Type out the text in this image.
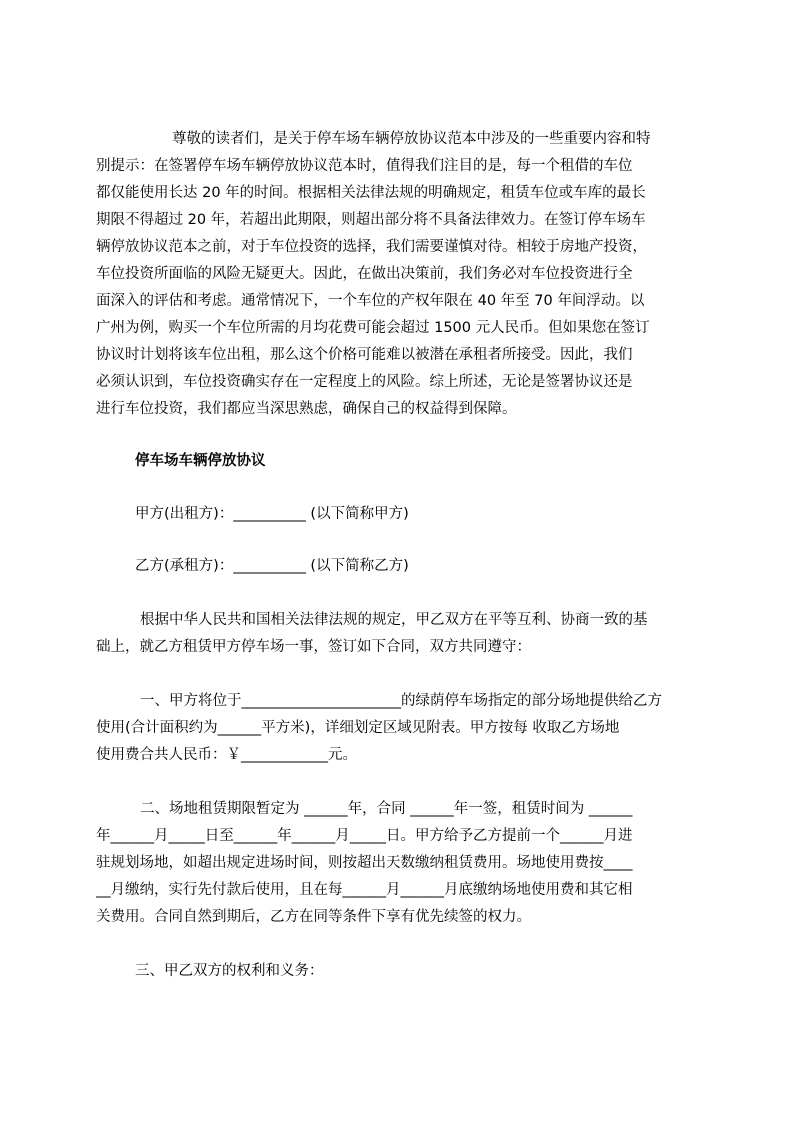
尊敬的读者们，是关于停车场车辆停放协议范本中涉及的一些重要内容和特
别提示：在签署停车场车辆停放协议范本时，值得我们注目的是，每一个租借的车位
都仅能使用长达 20 年的时间。根据相关法律法规的明确规定，租赁车位或车库的最长
期限不得超过 20 年，若超出此期限，则超出部分将不具备法律效力。在签订停车场车
辆停放协议范本之前，对于车位投资的选择，我们需要谨慎对待。相较于房地产投资，
车位投资所面临的风险无疑更大。因此，在做出决策前，我们务必对车位投资进行全
面深入的评估和考虑。通常情况下，一个车位的产权年限在 40 年至 70 年间浮动。以
广州为例，购买一个车位所需的月均花费可能会超过 1500 元人民币。但如果您在签订
协议时计划将该车位出租，那么这个价格可能难以被潜在承租者所接受。因此，我们
必须认识到，车位投资确实存在一定程度上的风险。综上所述，无论是签署协议还是
进行车位投资，我们都应当深思熟虑，确保自己的权益得到保障。
停车场车辆停放协议
甲方(出租方)：__________ (以下简称甲方)
乙方(承租方)：__________ (以下简称乙方)
根据中华人民共和国相关法律法规的规定，甲乙双方在平等互利、协商一致的基
础上，就乙方租赁甲方停车场一事，签订如下合同，双方共同遵守：
一、甲方将位于______________________的绿荫停车场指定的部分场地提供给乙方
使用(合计面积约为______平方米)，详细划定区域见附表。甲方按每 收取乙方场地
使用费合共人民币：￥____________元。
二、场地租赁期限暂定为 ______年，合同 ______年一签，租赁时间为 ______
年______月_____日至______年______月_____日。甲方给予乙方提前一个______月进
驻规划场地，如超出规定进场时间，则按超出天数缴纳租赁费用。场地使用费按____
__月缴纳，实行先付款后使用，且在每______月______月底缴纳场地使用费和其它相
关费用。合同自然到期后，乙方在同等条件下享有优先续签的权力。
三、甲乙双方的权利和义务：
